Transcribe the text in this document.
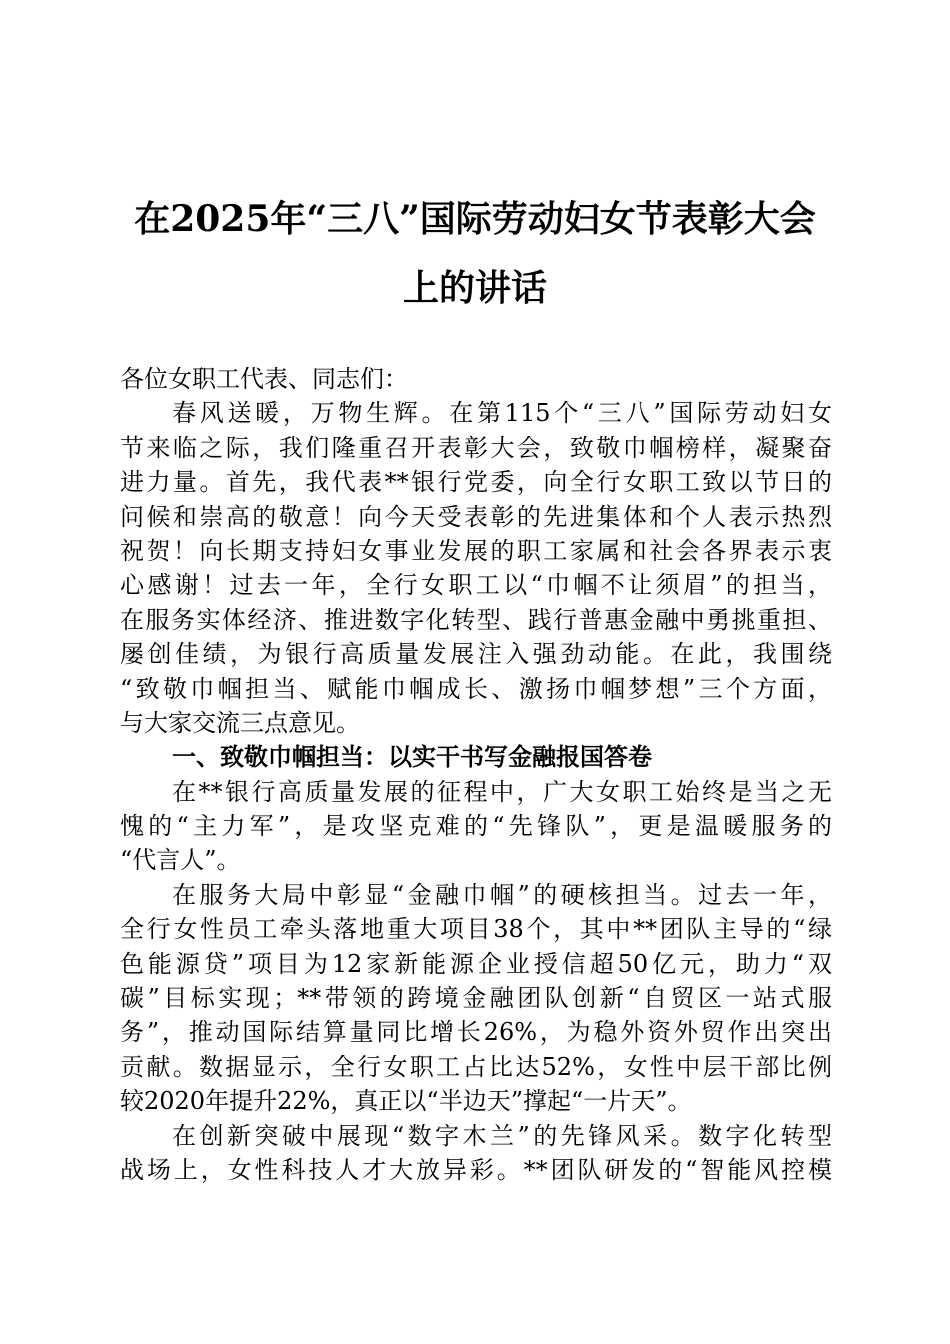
在2025年“三八”国际劳动妇女节表彰大会
上的讲话
各位女职工代表、同志们：
春风送暖，万物生辉。在第115个“三八”国际劳动妇女
节来临之际，我们隆重召开表彰大会，致敬巾帼榜样，凝聚奋
进力量。首先，我代表**银行党委，向全行女职工致以节日的
问候和崇高的敬意！向今天受表彰的先进集体和个人表示热烈
祝贺！向长期支持妇女事业发展的职工家属和社会各界表示衷
心感谢！过去一年，全行女职工以“巾帼不让须眉”的担当，
在服务实体经济、推进数字化转型、践行普惠金融中勇挑重担、
屡创佳绩，为银行高质量发展注入强劲动能。在此，我围绕
“致敬巾帼担当、赋能巾帼成长、激扬巾帼梦想”三个方面，
与大家交流三点意见。
一、致敬巾帼担当：以实干书写金融报国答卷
在**银行高质量发展的征程中，广大女职工始终是当之无
愧的“主力军”，是攻坚克难的“先锋队”，更是温暖服务的
“代言人”。
在服务大局中彰显“金融巾帼”的硬核担当。过去一年，
全行女性员工牵头落地重大项目38个，其中**团队主导的“绿
色能源贷”项目为12家新能源企业授信超50亿元，助力“双
碳”目标实现；**带领的跨境金融团队创新“自贸区一站式服
务”，推动国际结算量同比增长26%，为稳外资外贸作出突出
贡献。数据显示，全行女职工占比达52%，女性中层干部比例
较2020年提升22%，真正以“半边天”撑起“一片天”。
在创新突破中展现“数字木兰”的先锋风采。数字化转型
战场上，女性科技人才大放异彩。**团队研发的“智能风控模
